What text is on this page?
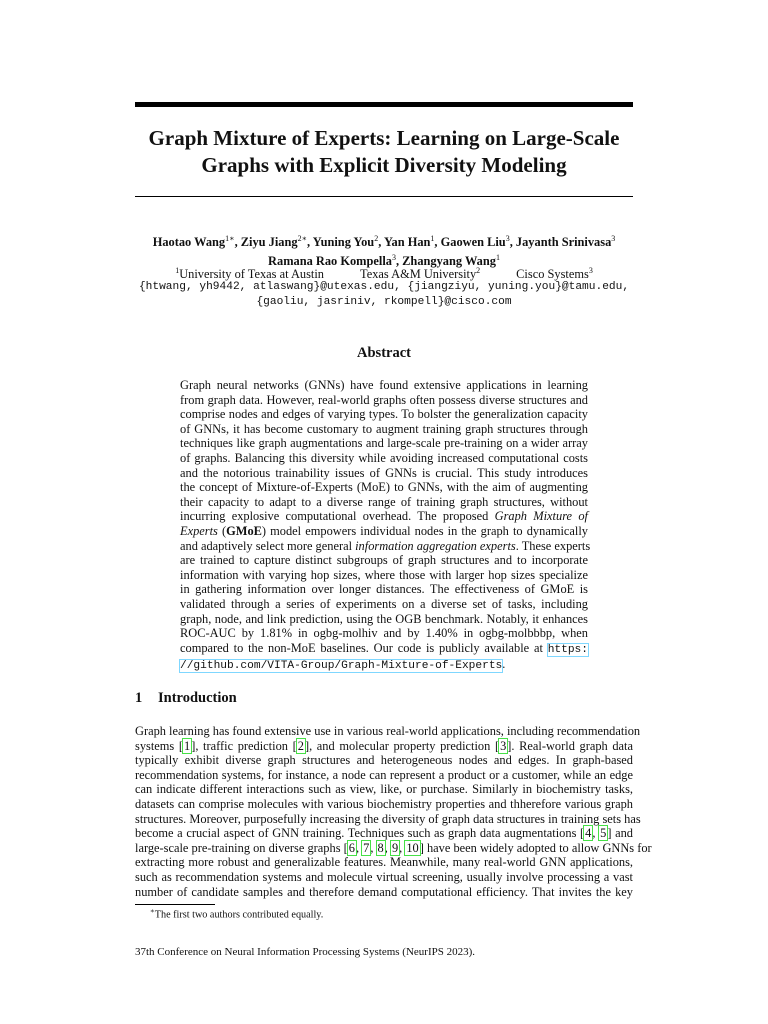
Graph Mixture of Experts: Learning on Large-Scale
Graphs with Explicit Diversity Modeling
Haotao Wang$^{1∗}$, Ziyu Jiang$^{2∗}$, Yuning You$^2$, Yan Han$^1$, Gaowen Liu$^3$, Jayanth Srinivasa$^3$
Ramana Rao Kompella$^3$, Zhangyang Wang$^1$
$^1$University of Texas at Austin	Texas A&M University$^2$	Cisco Systems$^3$
{htwang, yh9442, atlaswang}@utexas.edu, {jiangziyu, yuning.you}@tamu.edu,
{gaoliu, jasriniv, rkompell}@cisco.com
Abstract
Graph neural networks (GNNs) have found extensive applications in learning
from graph data. However, real-world graphs often possess diverse structures and
comprise nodes and edges of varying types. To bolster the generalization capacity
of GNNs, it has become customary to augment training graph structures through
techniques like graph augmentations and large-scale pre-training on a wider array
of graphs. Balancing this diversity while avoiding increased computational costs
and the notorious trainability issues of GNNs is crucial. This study introduces
the concept of Mixture-of-Experts (MoE) to GNNs, with the aim of augmenting
their capacity to adapt to a diverse range of training graph structures, without
incurring explosive computational overhead. The proposed Graph Mixture of
Experts (GMoE) model empowers individual nodes in the graph to dynamically
and adaptively select more general information aggregation experts. These experts
are trained to capture distinct subgroups of graph structures and to incorporate
information with varying hop sizes, where those with larger hop sizes specialize
in gathering information over longer distances. The effectiveness of GMoE is
validated through a series of experiments on a diverse set of tasks, including
graph, node, and link prediction, using the OGB benchmark. Notably, it enhances
ROC-AUC by 1.81% in ogbg-molhiv and by 1.40% in ogbg-molbbbp, when
compared to the non-MoE baselines. Our code is publicly available at https:
//github.com/VITA-Group/Graph-Mixture-of-Experts.
1 Introduction
Graph learning has found extensive use in various real-world applications, including recommendation
systems [1], traffic prediction [2], and molecular property prediction [3]. Real-world graph data
typically exhibit diverse graph structures and heterogeneous nodes and edges. In graph-based
recommendation systems, for instance, a node can represent a product or a customer, while an edge
can indicate different interactions such as view, like, or purchase. Similarly in biochemistry tasks,
datasets can comprise molecules with various biochemistry properties and thherefore various graph
structures. Moreover, purposefully increasing the diversity of graph data structures in training sets has
become a crucial aspect of GNN training. Techniques such as graph data augmentations [4, 5] and
large-scale pre-training on diverse graphs [6, 7, 8, 9, 10] have been widely adopted to allow GNNs for
extracting more robust and generalizable features. Meanwhile, many real-world GNN applications,
such as recommendation systems and molecule virtual screening, usually involve processing a vast
number of candidate samples and therefore demand computational efficiency. That invites the key
∗The first two authors contributed equally.
37th Conference on Neural Information Processing Systems (NeurIPS 2023).
